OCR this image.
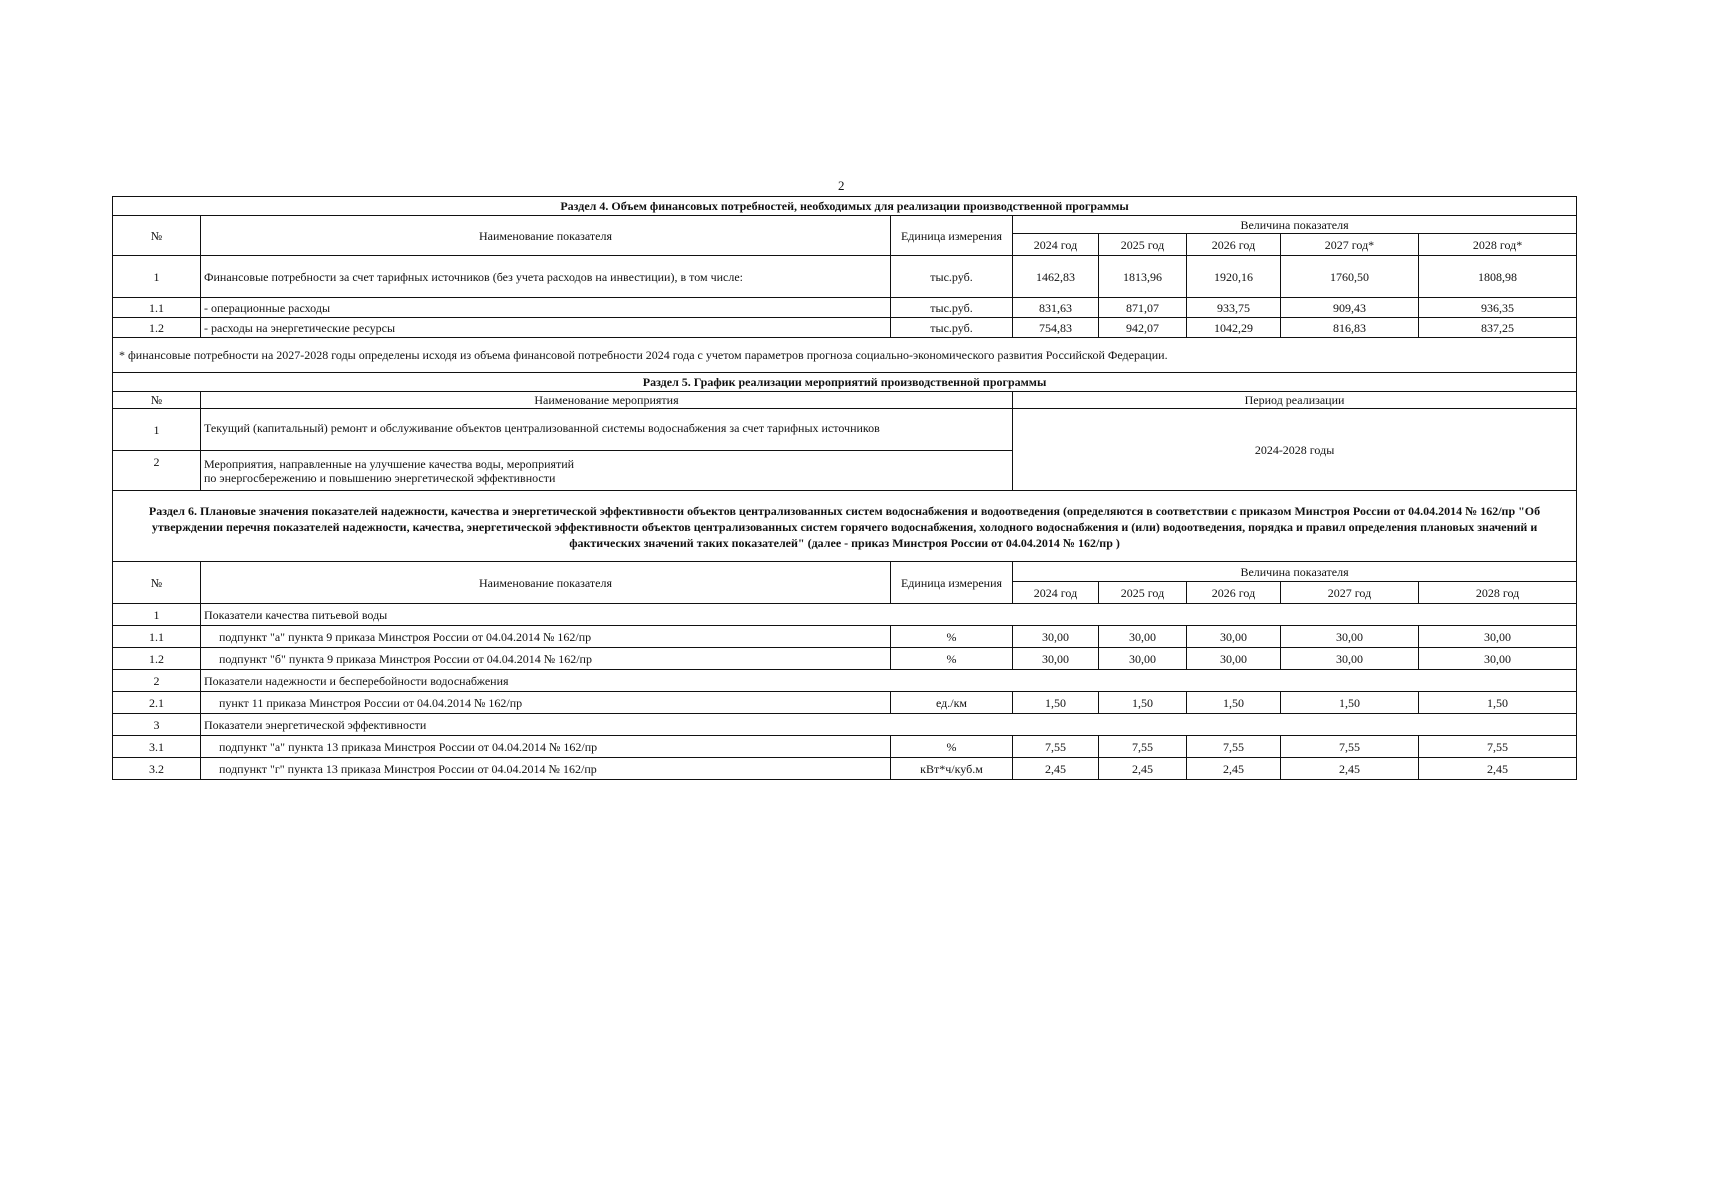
2
Раздел 4. Объем финансовых потребностей, необходимых для реализации производственной программы							
№	Наименование показателя	Единица измерения	Величина показателя				
			2024 год	2025 год	2026 год	2027 год*	2028 год*
1	Финансовые потребности за счет тарифных источников (без учета расходов на инвестиции), в том числе:	тыс.руб.	1462,83	1813,96	1920,16	1760,50	1808,98
1.1	- операционные расходы	тыс.руб.	831,63	871,07	933,75	909,43	936,35
1.2	- расходы на энергетические ресурсы	тыс.руб.	754,83	942,07	1042,29	816,83	837,25
* финансовые потребности на 2027-2028 годы определены исходя из объема финансовой потребности 2024 года с учетом параметров прогноза социально-экономического развития Российской Федерации.							
Раздел 5. График реализации мероприятий производственной программы							
№	Наименование мероприятия		Период реализации				
1	Текущий (капитальный) ремонт и обслуживание объектов централизованной системы водоснабжения за счет тарифных источников		2024-2028 годы				
2	Мероприятия, направленные на улучшение качества воды, мероприятий
по энергосбережению и повышению энергетической эффективности						

Раздел 6. Плановые значения показателей надежности, качества и энергетической эффективности объектов централизованных систем водоснабжения и водоотведения (определяются в соответствии с приказом Минстроя России от 04.04.2014 № 162/пр "Об утверждении перечня показателей надежности, качества, энергетической эффективности объектов централизованных систем горячего водоснабжения, холодного водоснабжения и (или) водоотведения, порядка и правил определения плановых значений и фактических значений таких показателей" (далее - приказ Минстроя России от 04.04.2014 № 162/пр )							
№	Наименование показателя	Единица измерения	Величина показателя				
			2024 год	2025 год	2026 год	2027 год	2028 год
1	Показатели качества питьевой воды						
1.1	подпункт "а" пункта 9 приказа Минстроя России от 04.04.2014 № 162/пр	%	30,00	30,00	30,00	30,00	30,00
1.2	подпункт "б" пункта 9 приказа Минстроя России от 04.04.2014 № 162/пр	%	30,00	30,00	30,00	30,00	30,00
2	Показатели надежности и бесперебойности водоснабжения						
2.1	пункт 11 приказа Минстроя России от 04.04.2014 № 162/пр	ед./км	1,50	1,50	1,50	1,50	1,50
3	Показатели энергетической эффективности						
3.1	подпункт "а" пункта 13 приказа Минстроя России от 04.04.2014 № 162/пр	%	7,55	7,55	7,55	7,55	7,55
3.2	подпункт "г" пункта 13 приказа Минстроя России от 04.04.2014 № 162/пр	кВт*ч/куб.м	2,45	2,45	2,45	2,45	2,45
